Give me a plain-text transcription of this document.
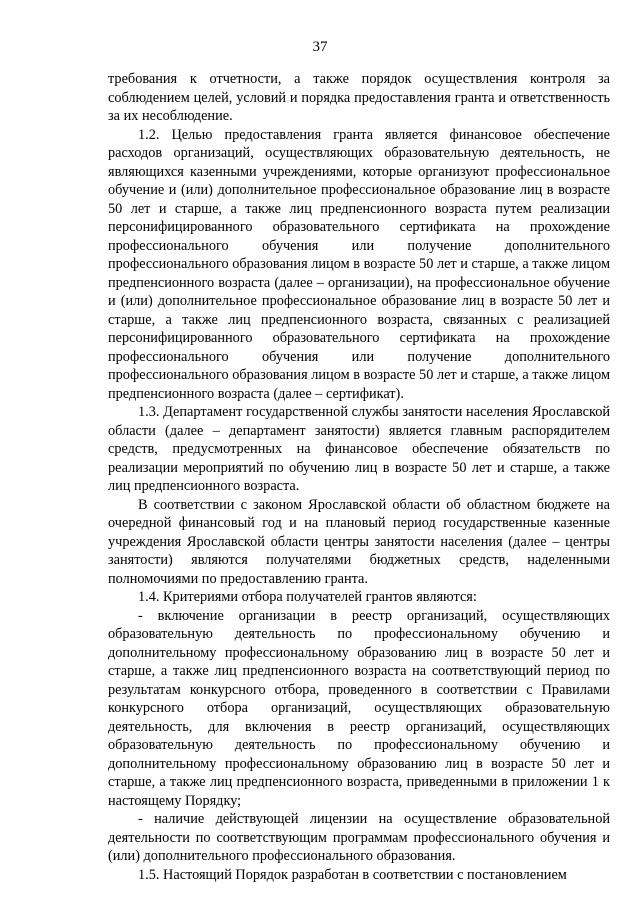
37

требования к отчетности, а также порядок осуществления контроля за соблюдением целей, условий и порядка предоставления гранта и ответственность за их несоблюдение.

1.2. Целью предоставления гранта является финансовое обеспечение расходов организаций, осуществляющих образовательную деятельность, не являющихся казенными учреждениями, которые организуют профессиональное обучение и (или) дополнительное профессиональное образование лиц в возрасте 50 лет и старше, а также лиц предпенсионного возраста путем реализации персонифицированного образовательного сертификата на прохождение профессионального обучения или получение дополнительного профессионального образования лицом в возрасте 50 лет и старше, а также лицом предпенсионного возраста (далее – организации), на профессиональное обучение и (или) дополнительное профессиональное образование лиц в возрасте 50 лет и старше, а также лиц предпенсионного возраста, связанных с реализацией персонифицированного образовательного сертификата на прохождение профессионального обучения или получение дополнительного профессионального образования лицом в возрасте 50 лет и старше, а также лицом предпенсионного возраста (далее – сертификат).

1.3. Департамент государственной службы занятости населения Ярославской области (далее – департамент занятости) является главным распорядителем средств, предусмотренных на финансовое обеспечение обязательств по реализации мероприятий по обучению лиц в возрасте 50 лет и старше, а также лиц предпенсионного возраста.

В соответствии с законом Ярославской области об областном бюджете на очередной финансовый год и на плановый период государственные казенные учреждения Ярославской области центры занятости населения (далее – центры занятости) являются получателями бюджетных средств, наделенными полномочиями по предоставлению гранта.

1.4. Критериями отбора получателей грантов являются:

- включение организации в реестр организаций, осуществляющих образовательную деятельность по профессиональному обучению и дополнительному профессиональному образованию лиц в возрасте 50 лет и старше, а также лиц предпенсионного возраста на соответствующий период по результатам конкурсного отбора, проведенного в соответствии с Правилами конкурсного отбора организаций, осуществляющих образовательную деятельность, для включения в реестр организаций, осуществляющих образовательную деятельность по профессиональному обучению и дополнительному профессиональному образованию лиц в возрасте 50 лет и старше, а также лиц предпенсионного возраста, приведенными в приложении 1 к настоящему Порядку;

- наличие действующей лицензии на осуществление образовательной деятельности по соответствующим программам профессионального обучения и (или) дополнительного профессионального образования.

1.5. Настоящий Порядок разработан в соответствии с постановлением
